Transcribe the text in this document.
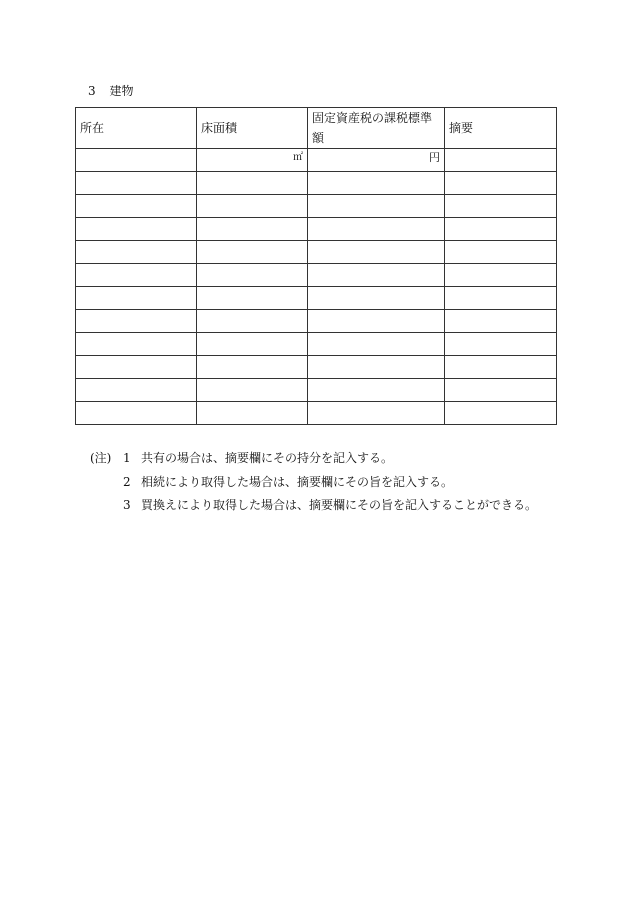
3 建物
所在	床面積	固定資産税の課税標準額	摘要
	㎡	円	

(注) 1 共有の場合は、摘要欄にその持分を記入する。
2 相続により取得した場合は、摘要欄にその旨を記入する。
3 買換えにより取得した場合は、摘要欄にその旨を記入することができる。
